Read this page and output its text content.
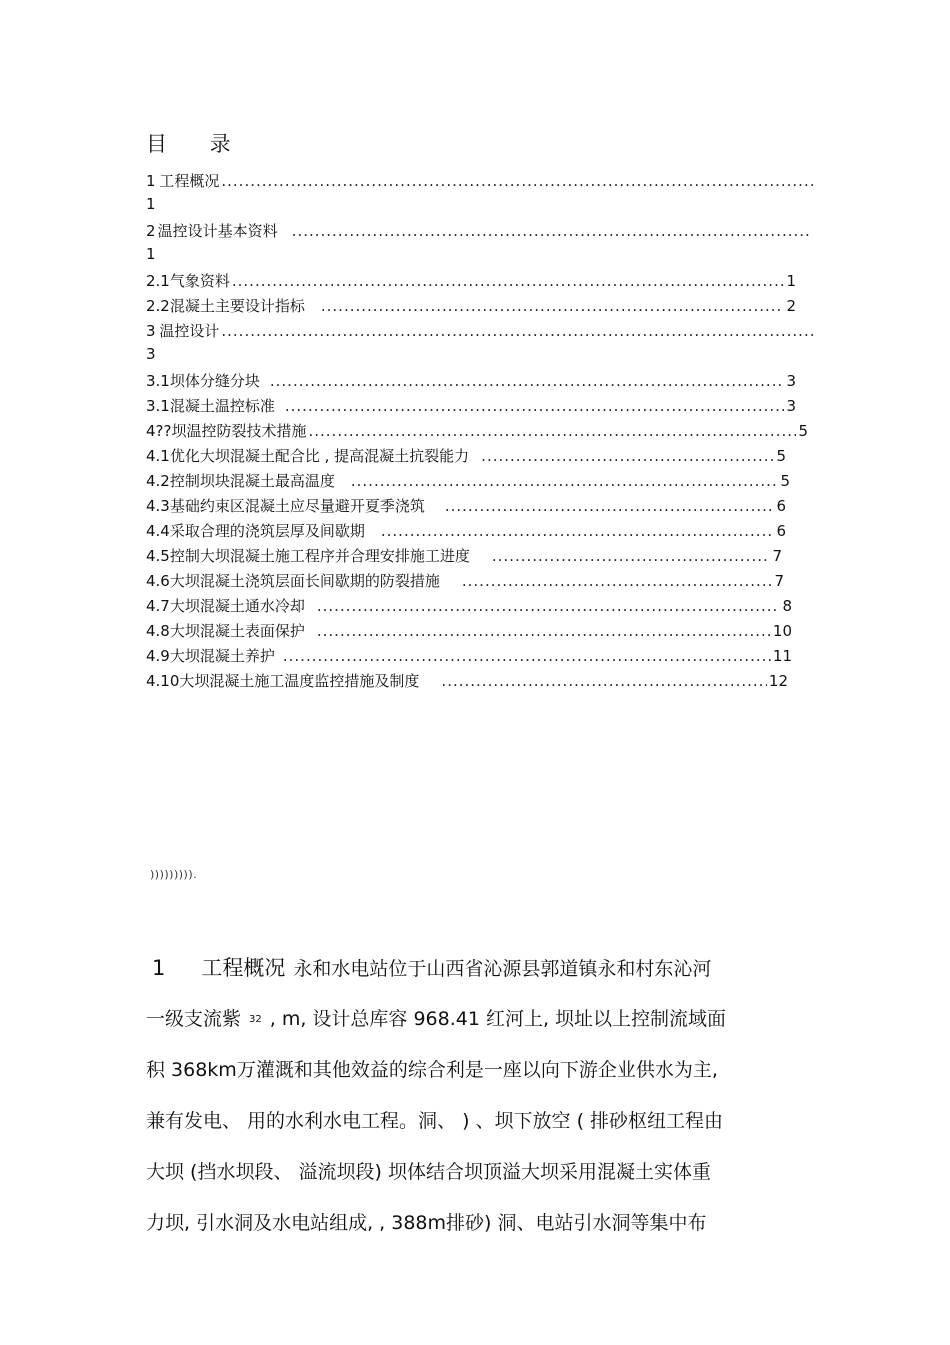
目 录
1 工程概况
.....
1
2 温控设计基本资料
.....
1
2.1 气象资料 .....	1
2.2 混凝土主要设计指标 .....	2
3 温控设计
.....
3
3.1 坝体分缝分块 .....	3
3.1 混凝土温控标准 .....	3
4?? 坝温控防裂技术措施 .....	5
4.1 优化大坝混凝土配合比 , 提高混凝土抗裂能力 .....	5
4.2 控制坝块混凝土最高温度 .....	5
4.3 基础约束区混凝土应尽量避开夏季浇筑 .....	6
4.4 采取合理的浇筑层厚及间歇期 .....	6
4.5 控制大坝混凝土施工程序并合理安排施工进度 .....	7
4.6 大坝混凝土浇筑层面长间歇期的防裂措施 .....	7
4.7 大坝混凝土通水冷却 .....	8
4.8 大坝混凝土表面保护 .....	10
4.9 大坝混凝土养护 .....	11
4.10 大坝混凝土施工温度监控措施及制度 .....	12
))))))))).
1 工程概况 永和水电站位于山西省沁源县郭道镇永和村东沁河
一级支流紫 32 , m, 设计总库容 968.41 红河上, 坝址以上控制流域面
积 368km万灌溉和其他效益的综合利是一座以向下游企业供水为主,
兼有发电、 用的水利水电工程。洞、 ) 、坝下放空 ( 排砂枢纽工程由
大坝 (挡水坝段、 溢流坝段) 坝体结合坝顶溢大坝采用混凝土实体重
力坝, 引水洞及水电站组成, , 388m排砂) 洞、电站引水洞等集中布
